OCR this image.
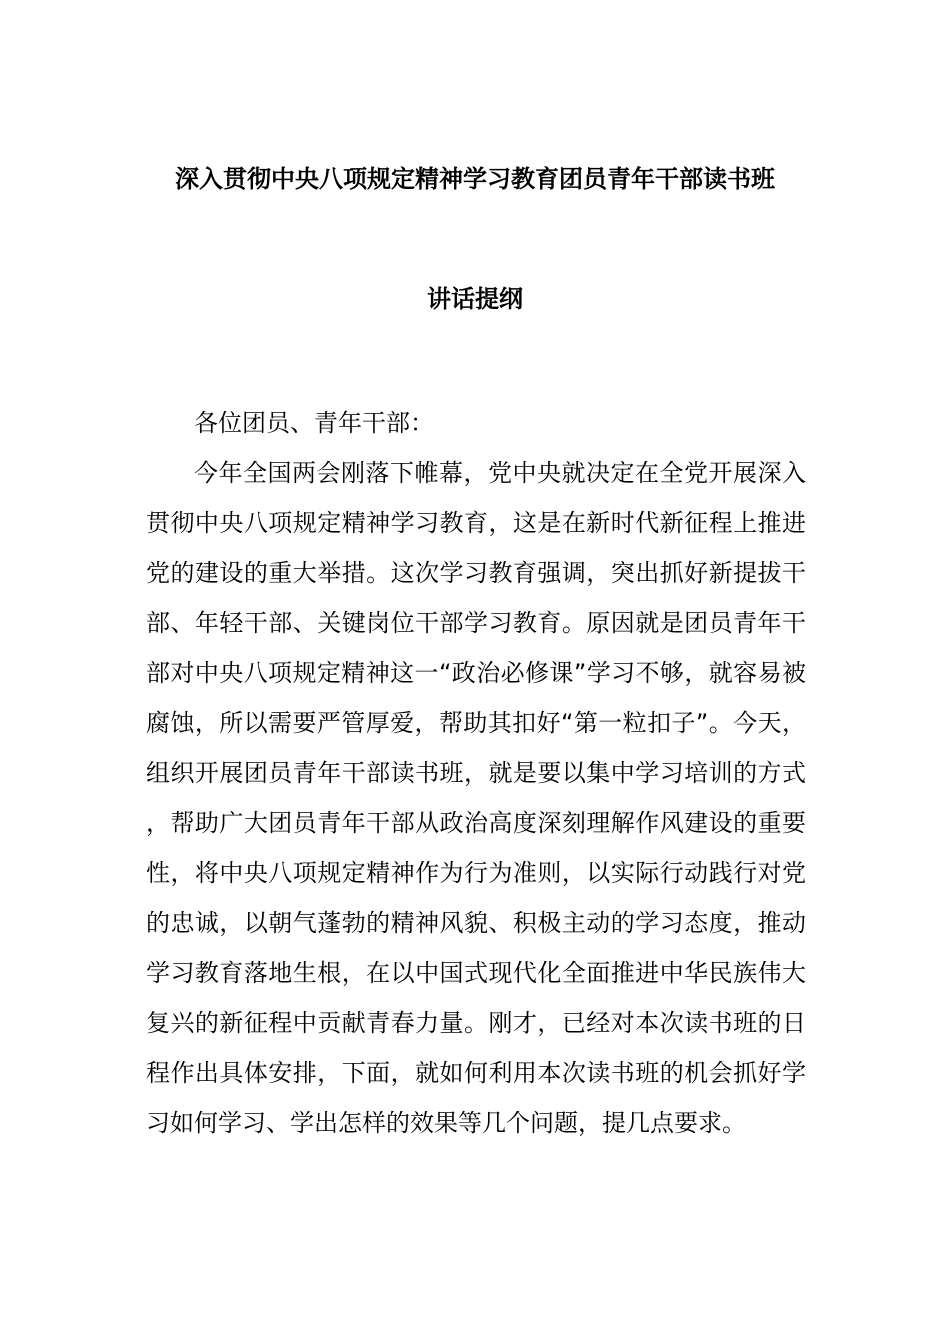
深入贯彻中央八项规定精神学习教育团员青年干部读书班
讲话提纲
各位团员、青年干部：
今年全国两会刚落下帷幕，党中央就决定在全党开展深入贯彻中央八项规定精神学习教育，这是在新时代新征程上推进党的建设的重大举措。这次学习教育强调，突出抓好新提拔干部、年轻干部、关键岗位干部学习教育。原因就是团员青年干部对中央八项规定精神这一“政治必修课”学习不够，就容易被腐蚀，所以需要严管厚爱，帮助其扣好“第一粒扣子”。今天，组织开展团员青年干部读书班，就是要以集中学习培训的方式，帮助广大团员青年干部从政治高度深刻理解作风建设的重要性，将中央八项规定精神作为行为准则，以实际行动践行对党的忠诚，以朝气蓬勃的精神风貌、积极主动的学习态度，推动学习教育落地生根，在以中国式现代化全面推进中华民族伟大复兴的新征程中贡献青春力量。刚才，已经对本次读书班的日程作出具体安排，下面，就如何利用本次读书班的机会抓好学习如何学习、学出怎样的效果等几个问题，提几点要求。
